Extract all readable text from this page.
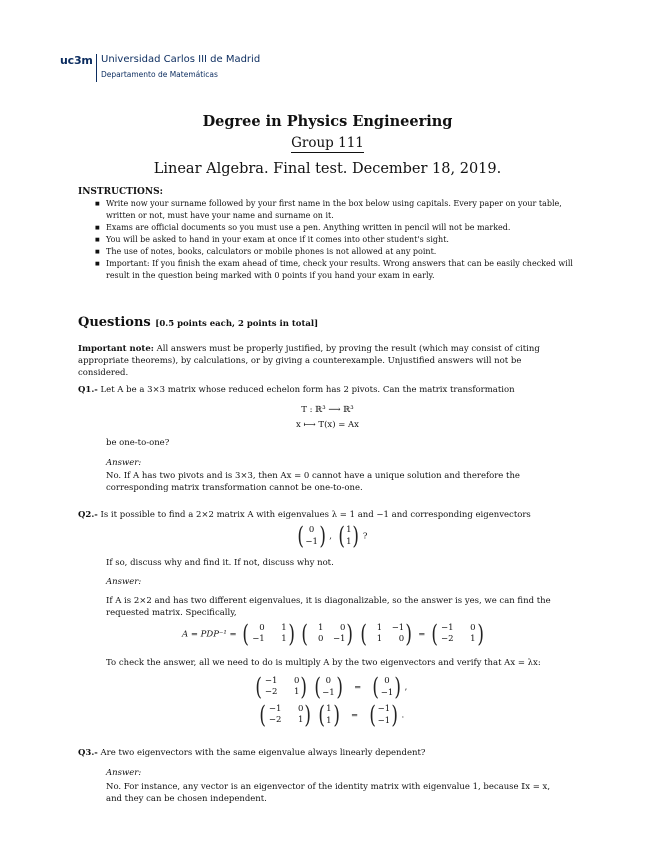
uc3m Universidad Carlos III de Madrid
Departamento de Matemáticas
Degree in Physics Engineering
Group 111
Linear Algebra. Final test. December 18, 2019.
INSTRUCTIONS:
■ Write now your surname followed by your first name in the box below using capitals. Every paper on your table, written or not, must have your name and surname on it.
■ Exams are official documents so you must use a pen. Anything written in pencil will not be marked.
■ You will be asked to hand in your exam at once if it comes into other student's sight.
■ The use of notes, books, calculators or mobile phones is not allowed at any point.
■ Important: If you finish the exam ahead of time, check your results. Wrong answers that can be easily checked will result in the question being marked with 0 points if you hand your exam in early.
Questions [0.5 points each, 2 points in total]
Important note: All answers must be properly justified, by proving the result (which may consist of citing appropriate theorems), by calculations, or by giving a counterexample. Unjustified answers will not be considered.
Q1.- Let A be a 3×3 matrix whose reduced echelon form has 2 pivots. Can the matrix transformation
T : ℝ³ ⟶ ℝ³
x ⟼ T(x) = Ax
be one-to-one?
Answer:
No. If A has two pivots and is 3×3, then Ax = 0 cannot have a unique solution and therefore the corresponding matrix transformation cannot be one-to-one.
Q2.- Is it possible to find a 2×2 matrix A with eigenvalues λ = 1 and −1 and corresponding eigenvectors
( 0
−1 ) , ( 1
1 ) ?
If so, discuss why and find it. If not, discuss why not.
Answer:
If A is 2×2 and has two different eigenvalues, it is diagonalizable, so the answer is yes, we can find the requested matrix. Specifically,
A = PDP⁻¹ = (	0	1
−1	1 ) (	1	0
0 −1 ) (	1 −1
1	0 ) = ( −1	0
−2	1 )
To check the answer, all we need to do is multiply A by the two eigenvectors and verify that Ax = λx:
( −1	0
−2	1 ) ( 0
−1 ) = ( 0
−1 ) ,
( −1	0
−2	1 ) ( 1
1 ) = ( −1
−1 ) .
Q3.- Are two eigenvectors with the same eigenvalue always linearly dependent?
Answer:
No. For instance, any vector is an eigenvector of the identity matrix with eigenvalue 1, because 𝕀x = x, and they can be chosen independent.
